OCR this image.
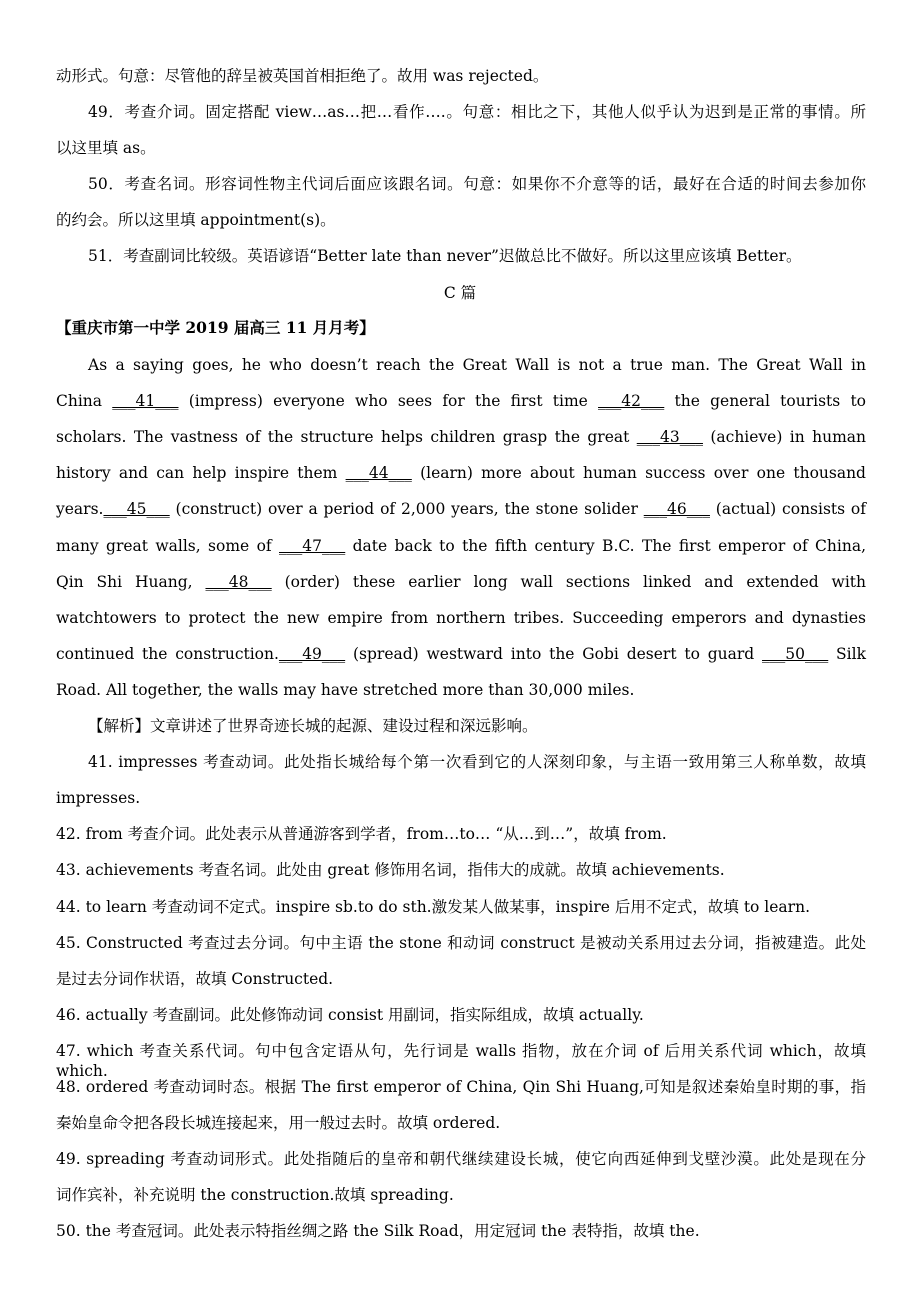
动形式。句意：尽管他的辞呈被英国首相拒绝了。故用 was rejected。
49．考查介词。固定搭配 view…as…把…看作….。句意：相比之下，其他人似乎认为迟到是正常的事情。所
以这里填 as。
50．考查名词。形容词性物主代词后面应该跟名词。句意：如果你不介意等的话，最好在合适的时间去参加你
的约会。所以这里填 appointment(s)。
51．考查副词比较级。英语谚语“Better late than never”迟做总比不做好。所以这里应该填 Better。
C 篇
【重庆市第一中学 2019 届高三 11 月月考】
As a saying goes, he who doesn’t reach the Great Wall is not a true man. The Great Wall in
China ___41___ (impress) everyone who sees for the first time ___42___ the general tourists to
scholars. The vastness of the structure helps children grasp the great ___43___ (achieve) in human
history and can help inspire them ___44___ (learn) more about human success over one thousand
years.___45___ (construct) over a period of 2,000 years, the stone solider ___46___ (actual) consists of
many great walls, some of ___47___ date back to the fifth century B.C. The first emperor of China,
Qin Shi Huang, ___48___ (order) these earlier long wall sections linked and extended with
watchtowers to protect the new empire from northern tribes. Succeeding emperors and dynasties
continued the construction.___49___ (spread) westward into the Gobi desert to guard ___50___ Silk
Road. All together, the walls may have stretched more than 30,000 miles.
【解析】文章讲述了世界奇迹长城的起源、建设过程和深远影响。
41. impresses 考查动词。此处指长城给每个第一次看到它的人深刻印象，与主语一致用第三人称单数，故填
impresses.
42. from 考查介词。此处表示从普通游客到学者，from…to… “从…到…”，故填 from.
43. achievements 考查名词。此处由 great 修饰用名词，指伟大的成就。故填 achievements.
44. to learn 考查动词不定式。inspire sb.to do sth.激发某人做某事，inspire 后用不定式，故填 to learn.
45. Constructed 考查过去分词。句中主语 the stone 和动词 construct 是被动关系用过去分词，指被建造。此处
是过去分词作状语，故填 Constructed.
46. actually 考查副词。此处修饰动词 consist 用副词，指实际组成，故填 actually.
47. which 考查关系代词。句中包含定语从句，先行词是 walls 指物，放在介词 of 后用关系代词 which，故填 which.
48. ordered 考查动词时态。根据 The first emperor of China, Qin Shi Huang,可知是叙述秦始皇时期的事，指
秦始皇命令把各段长城连接起来，用一般过去时。故填 ordered.
49. spreading 考查动词形式。此处指随后的皇帝和朝代继续建设长城，使它向西延伸到戈壁沙漠。此处是现在分
词作宾补，补充说明 the construction.故填 spreading.
50. the 考查冠词。此处表示特指丝绸之路 the Silk Road，用定冠词 the 表特指，故填 the.
